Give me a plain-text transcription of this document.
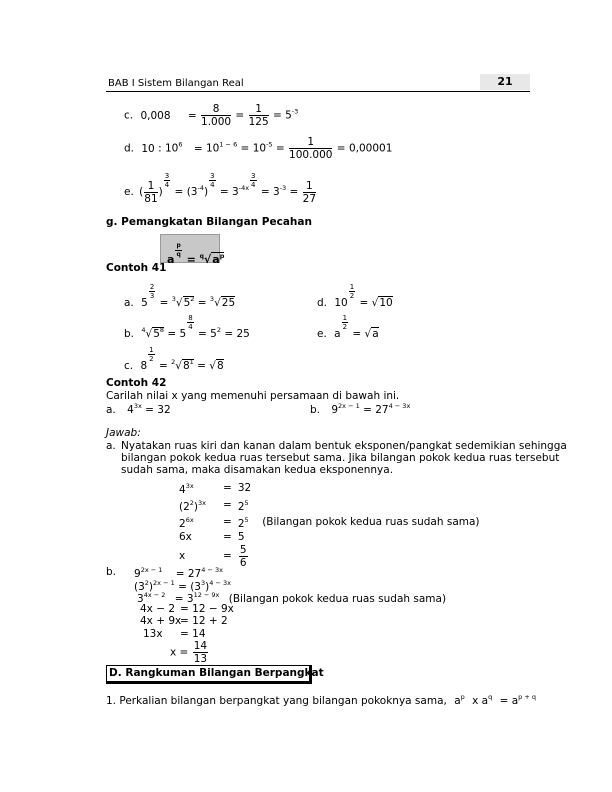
BAB I Sistem Bilangan Real	21
c. $0,008 = \frac{8}{1.000} = \frac{1}{125} = 5^{-3}$
d. 10 : $10^6 = 10^{1 - 6} = 10^{-5} = \frac{1}{100.000} = 0,00001$
e. ( $\frac{1}{81}$ )
$\frac{3}{4}$
= $(3^{-4})$
$\frac{3}{4}$
= $3^{-4x} \frac{3}{4}$
= $3^{-3} = \frac{1}{27}$
g. Pemangkatan Bilangan Pecahan
a
$\frac{p}{q}$
= $^q√a^p$
Contoh 41
a. 5
$\frac{2}{3}$
= $^3√5^2 = ^3√25$	d. 10
$\frac{1}{2}$
= √10
b. $^4√5^8 = 5$
$\frac{8}{4}$
= $5^2 = 25$	e. a
$\frac{1}{2}$
= √a
c. 8
$\frac{1}{2}$
= $^2√8^1 = √8$
Contoh 42
Carilah nilai x yang memenuhi persamaan di bawah ini.
a. $4^{3x} = 32$	b. $9^{2x - 1} = 27^{4 - 3x}$
Jawab:
a. Nyatakan ruas kiri dan kanan dalam bentuk eksponen/pangkat sedemikian sehingga
bilangan pokok kedua ruas tersebut sama. Jika bilangan pokok kedua ruas tersebut
sudah sama, maka disamakan kedua eksponennya.
$4^{3x}$	=	32	
$(2^2)^{3x}$	=	$2^5$	
$2^{6x}$	=	$2^5$	(Bilangan pokok kedua ruas sudah sama)
6x	=	5	
x	=	$\frac{5}{6}$

b. $9^{2x - 1} = 27^{4 - 3x}$
$(3^2)^{2x - 1} = (3^3)^{4 - 3x}$
$3^{4x - 2} = 3^{12 - 9x}$ (Bilangan pokok kedua ruas sudah sama)
4x − 2 = 12 − 9x
4x + 9x
= 12 + 2
13x = 14
$x = \frac{14}{13}$
D. Rangkuman Bilangan Berpangkat
1. Perkalian bilangan berpangkat yang bilangan pokoknya sama, $a^p$ x $a^q = a^{p + q}$
